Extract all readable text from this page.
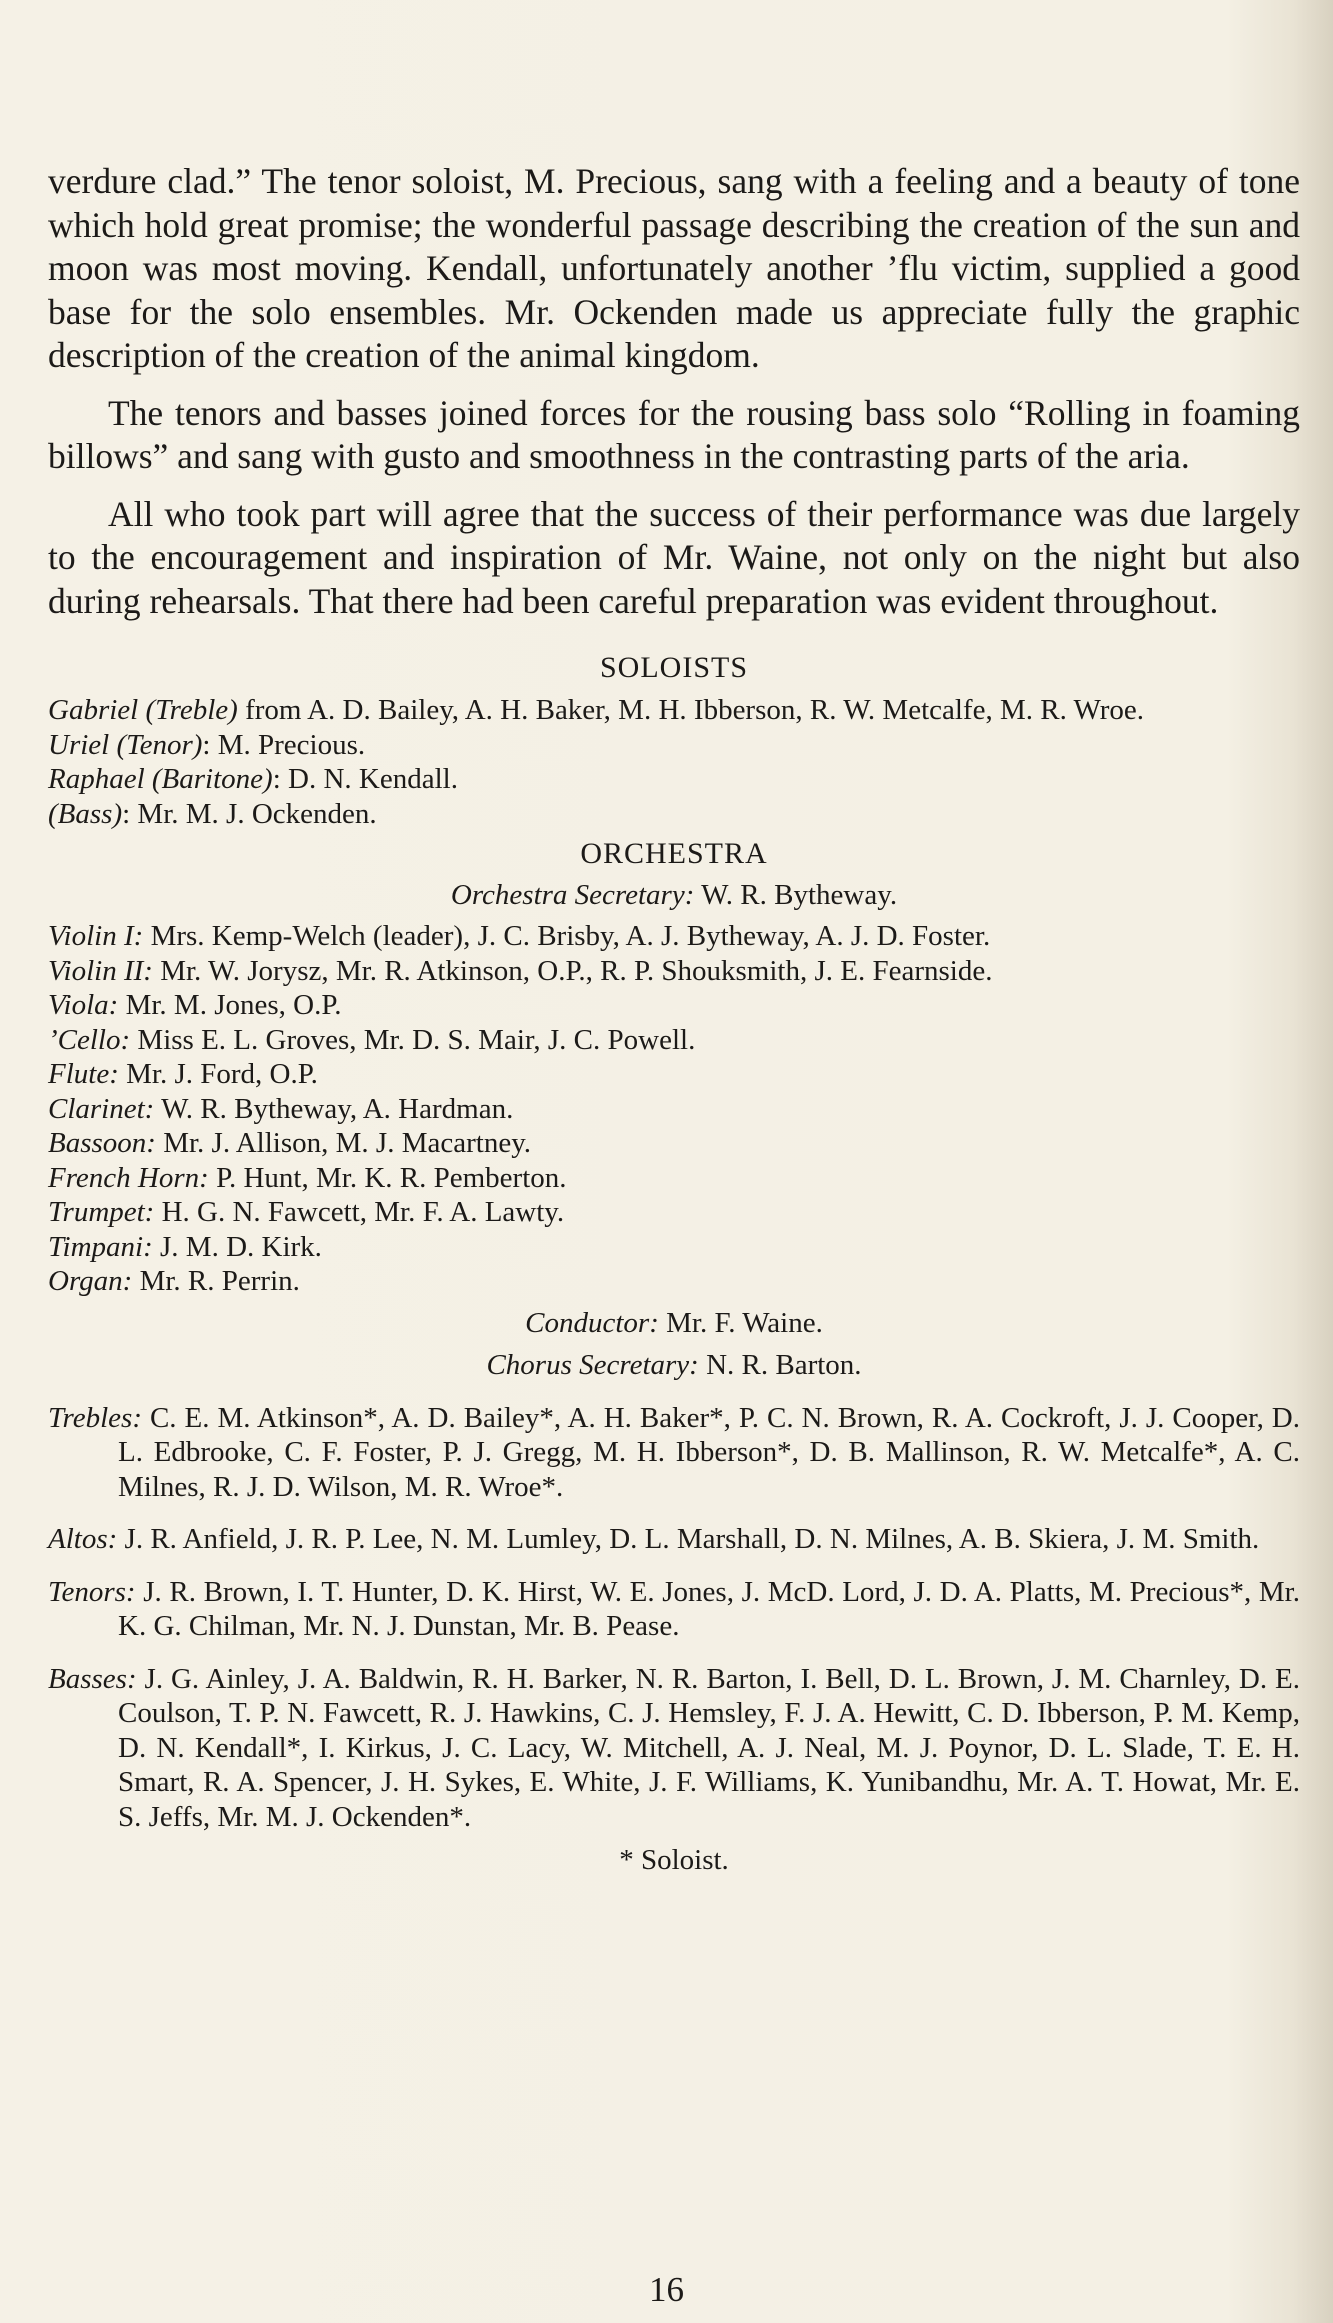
verdure clad.” The tenor soloist, M. Precious, sang with a feeling and a beauty of tone which hold great promise; the wonderful passage describing the creation of the sun and moon was most moving. Kendall, unfortunately another ’flu victim, supplied a good base for the solo ensembles. Mr. Ockenden made us appreciate fully the graphic description of the creation of the animal kingdom.

The tenors and basses joined forces for the rousing bass solo “Rolling in foaming billows” and sang with gusto and smoothness in the contrasting parts of the aria.

All who took part will agree that the success of their performance was due largely to the encouragement and inspiration of Mr. Waine, not only on the night but also during rehearsals. That there had been careful preparation was evident throughout.

SOLOISTS

Gabriel (Treble) from A. D. Bailey, A. H. Baker, M. H. Ibberson, R. W. Metcalfe, M. R. Wroe.

Uriel (Tenor): M. Precious.

Raphael (Baritone): D. N. Kendall.

(Bass): Mr. M. J. Ockenden.

ORCHESTRA
Orchestra Secretary: W. R. Bytheway.

Violin I: Mrs. Kemp-Welch (leader), J. C. Brisby, A. J. Bytheway, A. J. D. Foster.

Violin II: Mr. W. Jorysz, Mr. R. Atkinson, O.P., R. P. Shouksmith, J. E. Fearnside.

Viola: Mr. M. Jones, O.P.

’Cello: Miss E. L. Groves, Mr. D. S. Mair, J. C. Powell.

Flute: Mr. J. Ford, O.P.

Clarinet: W. R. Bytheway, A. Hardman.

Bassoon: Mr. J. Allison, M. J. Macartney.

French Horn: P. Hunt, Mr. K. R. Pemberton.

Trumpet: H. G. N. Fawcett, Mr. F. A. Lawty.

Timpani: J. M. D. Kirk.

Organ: Mr. R. Perrin.

Conductor: Mr. F. Waine.
Chorus Secretary: N. R. Barton.

Trebles: C. E. M. Atkinson*, A. D. Bailey*, A. H. Baker*, P. C. N. Brown, R. A. Cockroft, J. J. Cooper, D. L. Edbrooke, C. F. Foster, P. J. Gregg, M. H. Ibberson*, D. B. Mallinson, R. W. Metcalfe*, A. C. Milnes, R. J. D. Wilson, M. R. Wroe*.

Altos: J. R. Anfield, J. R. P. Lee, N. M. Lumley, D. L. Marshall, D. N. Milnes, A. B. Skiera, J. M. Smith.

Tenors: J. R. Brown, I. T. Hunter, D. K. Hirst, W. E. Jones, J. McD. Lord, J. D. A. Platts, M. Precious*, Mr. K. G. Chilman, Mr. N. J. Dunstan, Mr. B. Pease.

Basses: J. G. Ainley, J. A. Baldwin, R. H. Barker, N. R. Barton, I. Bell, D. L. Brown, J. M. Charnley, D. E. Coulson, T. P. N. Fawcett, R. J. Hawkins, C. J. Hemsley, F. J. A. Hewitt, C. D. Ibberson, P. M. Kemp, D. N. Kendall*, I. Kirkus, J. C. Lacy, W. Mitchell, A. J. Neal, M. J. Poynor, D. L. Slade, T. E. H. Smart, R. A. Spencer, J. H. Sykes, E. White, J. F. Williams, K. Yunibandhu, Mr. A. T. Howat, Mr. E. S. Jeffs, Mr. M. J. Ockenden*.

* Soloist.
16
